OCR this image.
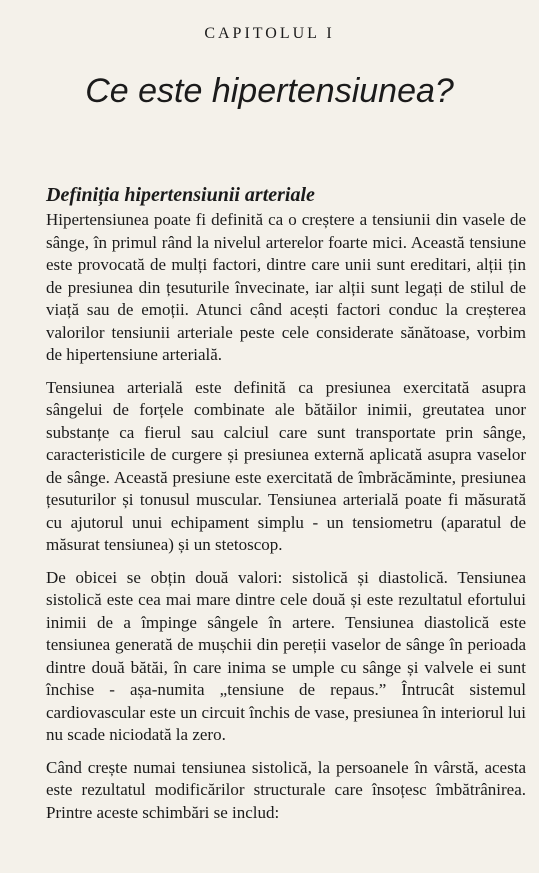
CAPITOLUL I
Ce este hipertensiunea?
Definiția hipertensiunii arteriale

Hipertensiunea poate fi definită ca o creștere a tensiunii din vasele de sânge, în primul rând la nivelul arterelor foarte mici. Această tensiune este provocată de mulți factori, dintre care unii sunt ereditari, alții țin de presiunea din țesuturile învecinate, iar alții sunt legați de stilul de viață sau de emoții. Atunci când acești factori conduc la creșterea valorilor tensiunii arteriale peste cele considerate sănătoase, vorbim de hipertensiune arterială.

Tensiunea arterială este definită ca presiunea exercitată asupra sângelui de forțele combinate ale bătăilor inimii, greutatea unor substanțe ca fierul sau calciul care sunt transportate prin sânge, caracteristicile de curgere și presiunea externă aplicată asupra vaselor de sânge. Această presiune este exercitată de îmbrăcăminte, presiunea țesuturilor și tonusul muscular. Tensiunea arterială poate fi măsurată cu ajutorul unui echipament simplu - un tensiometru (aparatul de măsurat tensiunea) și un stetoscop.

De obicei se obțin două valori: sistolică și diastolică. Tensiunea sistolică este cea mai mare dintre cele două și este rezultatul efortului inimii de a împinge sângele în artere. Tensiunea diastolică este tensiunea generată de mușchii din pereții vaselor de sânge în perioada dintre două bătăi, în care inima se umple cu sânge și valvele ei sunt închise - așa-numita „tensiune de repaus.” Întrucât sistemul cardiovascular este un circuit închis de vase, presiunea în interiorul lui nu scade niciodată la zero.

Când crește numai tensiunea sistolică, la persoanele în vârstă, acesta este rezultatul modificărilor structurale care însoțesc îmbătrânirea. Printre aceste schimbări se includ:
